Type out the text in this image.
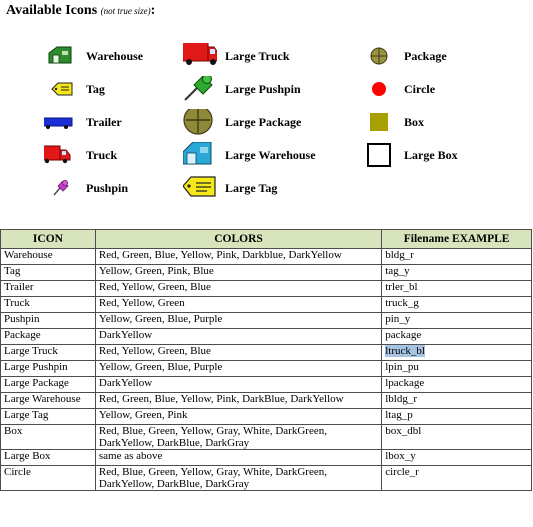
Available Icons (not true size):
Warehouse
Tag
Trailer
Truck
Pushpin
Large Truck
Large Pushpin
Large Package
Large Warehouse
Large Tag
Package
Circle
Box
Large Box
ICON	COLORS	Filename EXAMPLE
Warehouse	Red, Green, Blue, Yellow, Pink, Darkblue, DarkYellow	bldg_r
Tag	Yellow, Green, Pink, Blue	tag_y
Trailer	Red, Yellow, Green, Blue	trler_bl
Truck	Red, Yellow, Green	truck_g
Pushpin	Yellow, Green, Blue, Purple	pin_y
Package	DarkYellow	package
Large Truck	Red, Yellow, Green, Blue	ltruck_bl
Large Pushpin	Yellow, Green, Blue, Purple	lpin_pu
Large Package	DarkYellow	lpackage
Large Warehouse	Red, Green, Blue, Yellow, Pink, DarkBlue, DarkYellow	lbldg_r
Large Tag	Yellow, Green, Pink	ltag_p
Box	Red, Blue, Green, Yellow, Gray, White, DarkGreen, DarkYellow, DarkBlue, DarkGray	box_dbl
Large Box	same as above	lbox_y
Circle	Red, Blue, Green, Yellow, Gray, White, DarkGreen, DarkYellow, DarkBlue, DarkGray	circle_r
